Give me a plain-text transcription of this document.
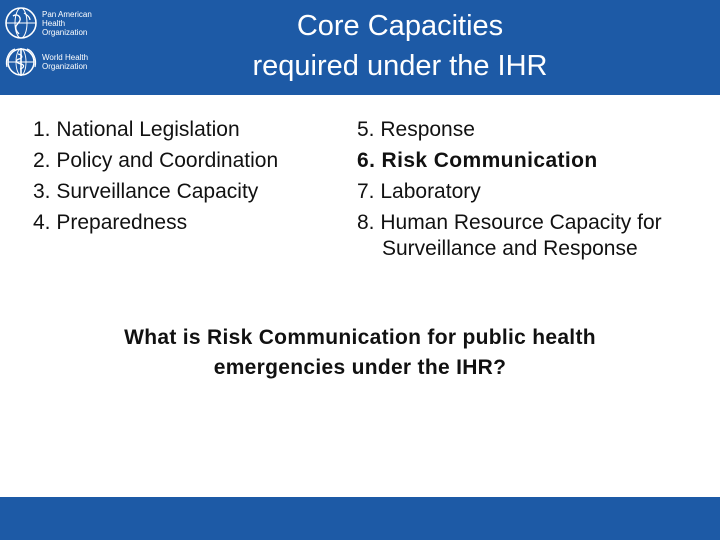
Pan American
Health
Organization
World Health
Organization
Core Capacities
required under the IHR
1. National Legislation
2. Policy and Coordination
3. Surveillance Capacity
4. Preparedness
5. Response
6. Risk Communication
7. Laboratory
8. Human Resource Capacity for Surveillance and Response
What is Risk Communication for public health
emergencies under the IHR?
